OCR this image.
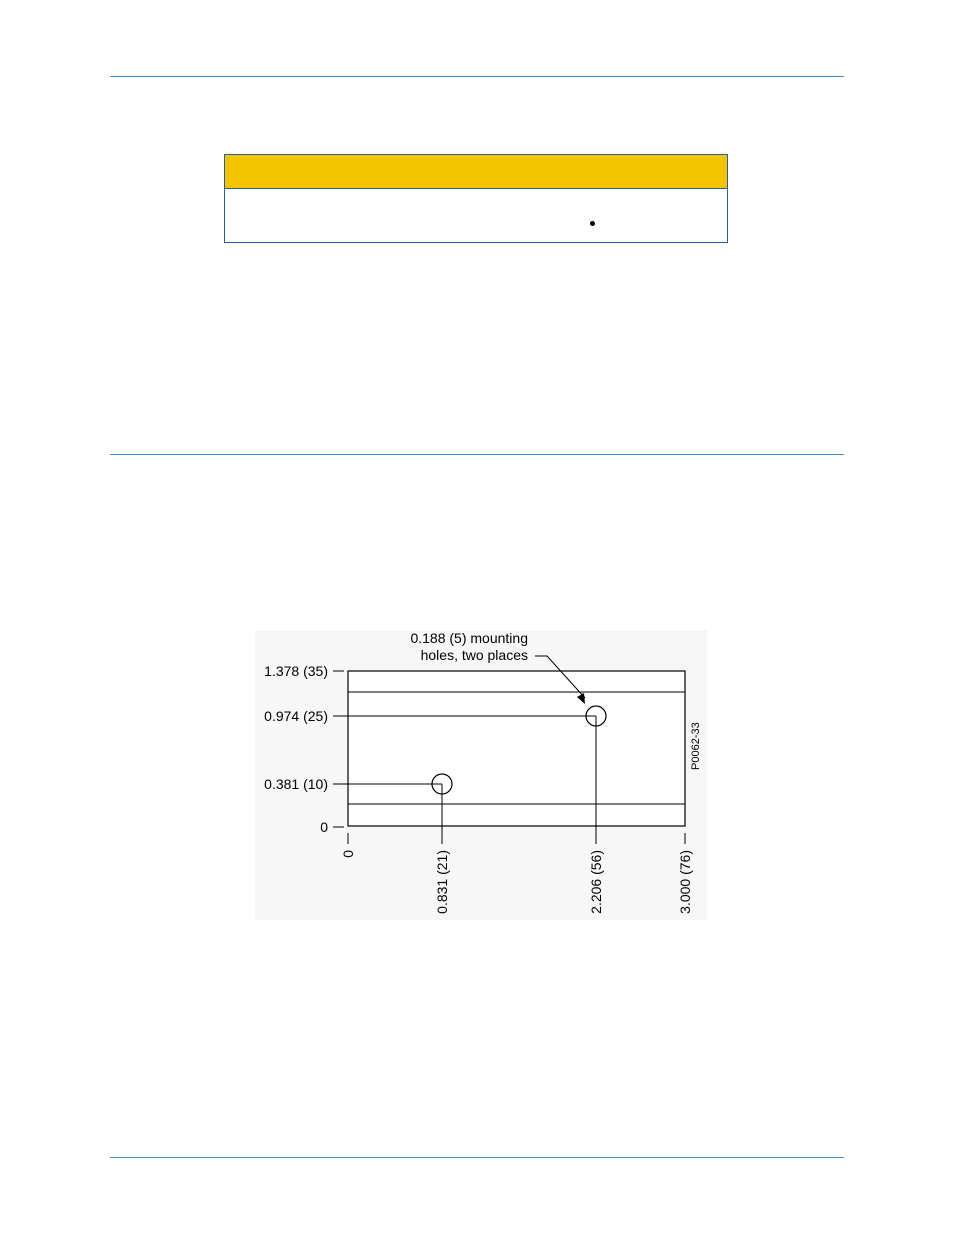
0.188 (5) mounting
holes, two places
1.378 (35)
0.974 (25)
0.381 (10)
0
0	0.831 (21)	2.206 (56)	3.000 (76)
P0062-33
